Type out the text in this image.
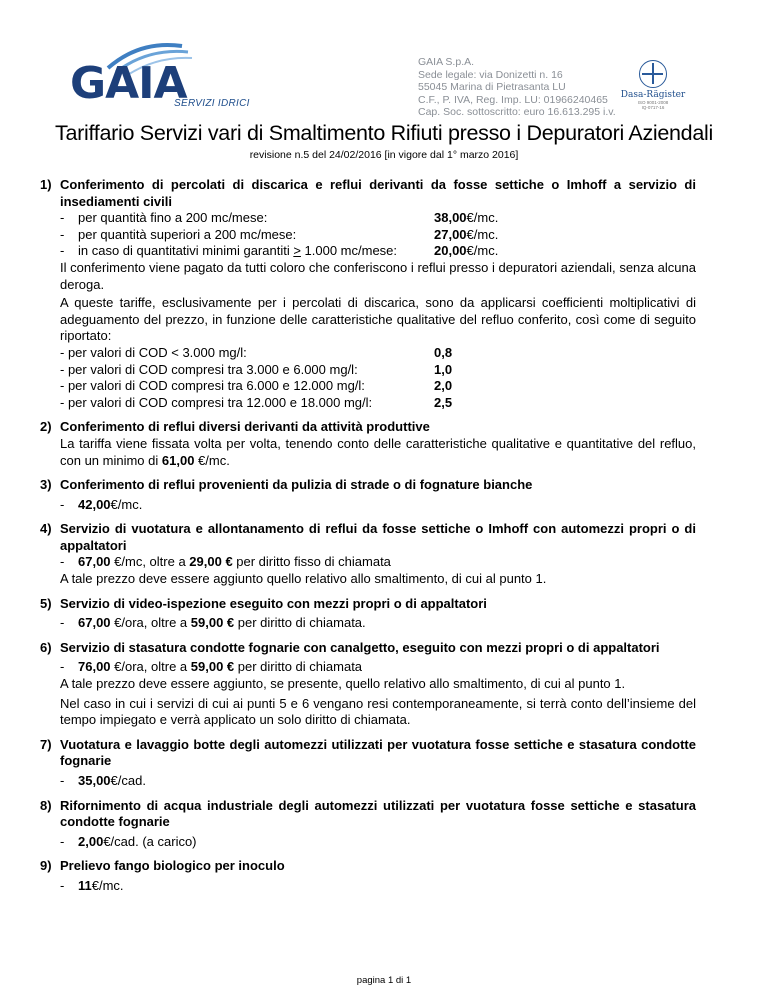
GAIA
SERVIZI IDRICI
GAIA S.p.A.
Sede legale: via Donizetti n. 16
55045 Marina di Pietrasanta LU
C.F., P. IVA, Reg. Imp. LU: 01966240465
Cap. Soc. sottoscritto: euro 16.613.295 i.v.
Dasa-Rägister
ISO 9001-2008
IQ-0717-16
Tariffario Servizi vari di Smaltimento Rifiuti presso i Depuratori Aziendali
revisione n.5 del 24/02/2016 [in vigore dal 1° marzo 2016]
1) Conferimento di percolati di discarica e reflui derivanti da fosse settiche o Imhoff a servizio di insediamenti civili
-	per quantità fino a 200 mc/mese:	38,00 €/mc.
-	per quantità superiori a 200 mc/mese:	27,00 €/mc.
-	in caso di quantitativi minimi garantiti > 1.000 mc/mese:	20,00 €/mc.

Il conferimento viene pagato da tutti coloro che conferiscono i reflui presso i depuratori aziendali, senza alcuna deroga.

A queste tariffe, esclusivamente per i percolati di discarica, sono da applicarsi coefficienti moltiplicativi di adeguamento del prezzo, in funzione delle caratteristiche qualitative del refluo conferito, così come di seguito riportato:

- per valori di COD < 3.000 mg/l:	0,8
- per valori di COD compresi tra 3.000 e 6.000 mg/l:	1,0
- per valori di COD compresi tra 6.000 e 12.000 mg/l:	2,0
- per valori di COD compresi tra 12.000 e 18.000 mg/l:	2,5
2) Conferimento di reflui diversi derivanti da attività produttive

La tariffa viene fissata volta per volta, tenendo conto delle caratteristiche qualitative e quantitative del refluo, con un minimo di 61,00 €/mc.

3) Conferimento di reflui provenienti da pulizia di strade o di fognature bianche
-	42,00 €/mc.
4) Servizio di vuotatura e allontanamento di reflui da fosse settiche o Imhoff con automezzi propri o di appaltatori
-	67,00 €/mc, oltre a 29,00 € per diritto fisso di chiamata

A tale prezzo deve essere aggiunto quello relativo allo smaltimento, di cui al punto 1.

5) Servizio di video-ispezione eseguito con mezzi propri o di appaltatori
-	67,00 €/ora, oltre a 59,00 € per diritto di chiamata.
6) Servizio di stasatura condotte fognarie con canalgetto, eseguito con mezzi propri o di appaltatori
-	76,00 €/ora, oltre a 59,00 € per diritto di chiamata

A tale prezzo deve essere aggiunto, se presente, quello relativo allo smaltimento, di cui al punto 1.

Nel caso in cui i servizi di cui ai punti 5 e 6 vengano resi contemporaneamente, si terrà conto dell’insieme del tempo impiegato e verrà applicato un solo diritto di chiamata.

7) Vuotatura e lavaggio botte degli automezzi utilizzati per vuotatura fosse settiche e stasatura condotte fognarie
-	35,00 €/cad.
8) Rifornimento di acqua industriale degli automezzi utilizzati per vuotatura fosse settiche e stasatura condotte fognarie
-	2,00 €/cad. (a carico)
9) Prelievo fango biologico per inoculo
-	11 €/mc.
pagina 1 di 1
